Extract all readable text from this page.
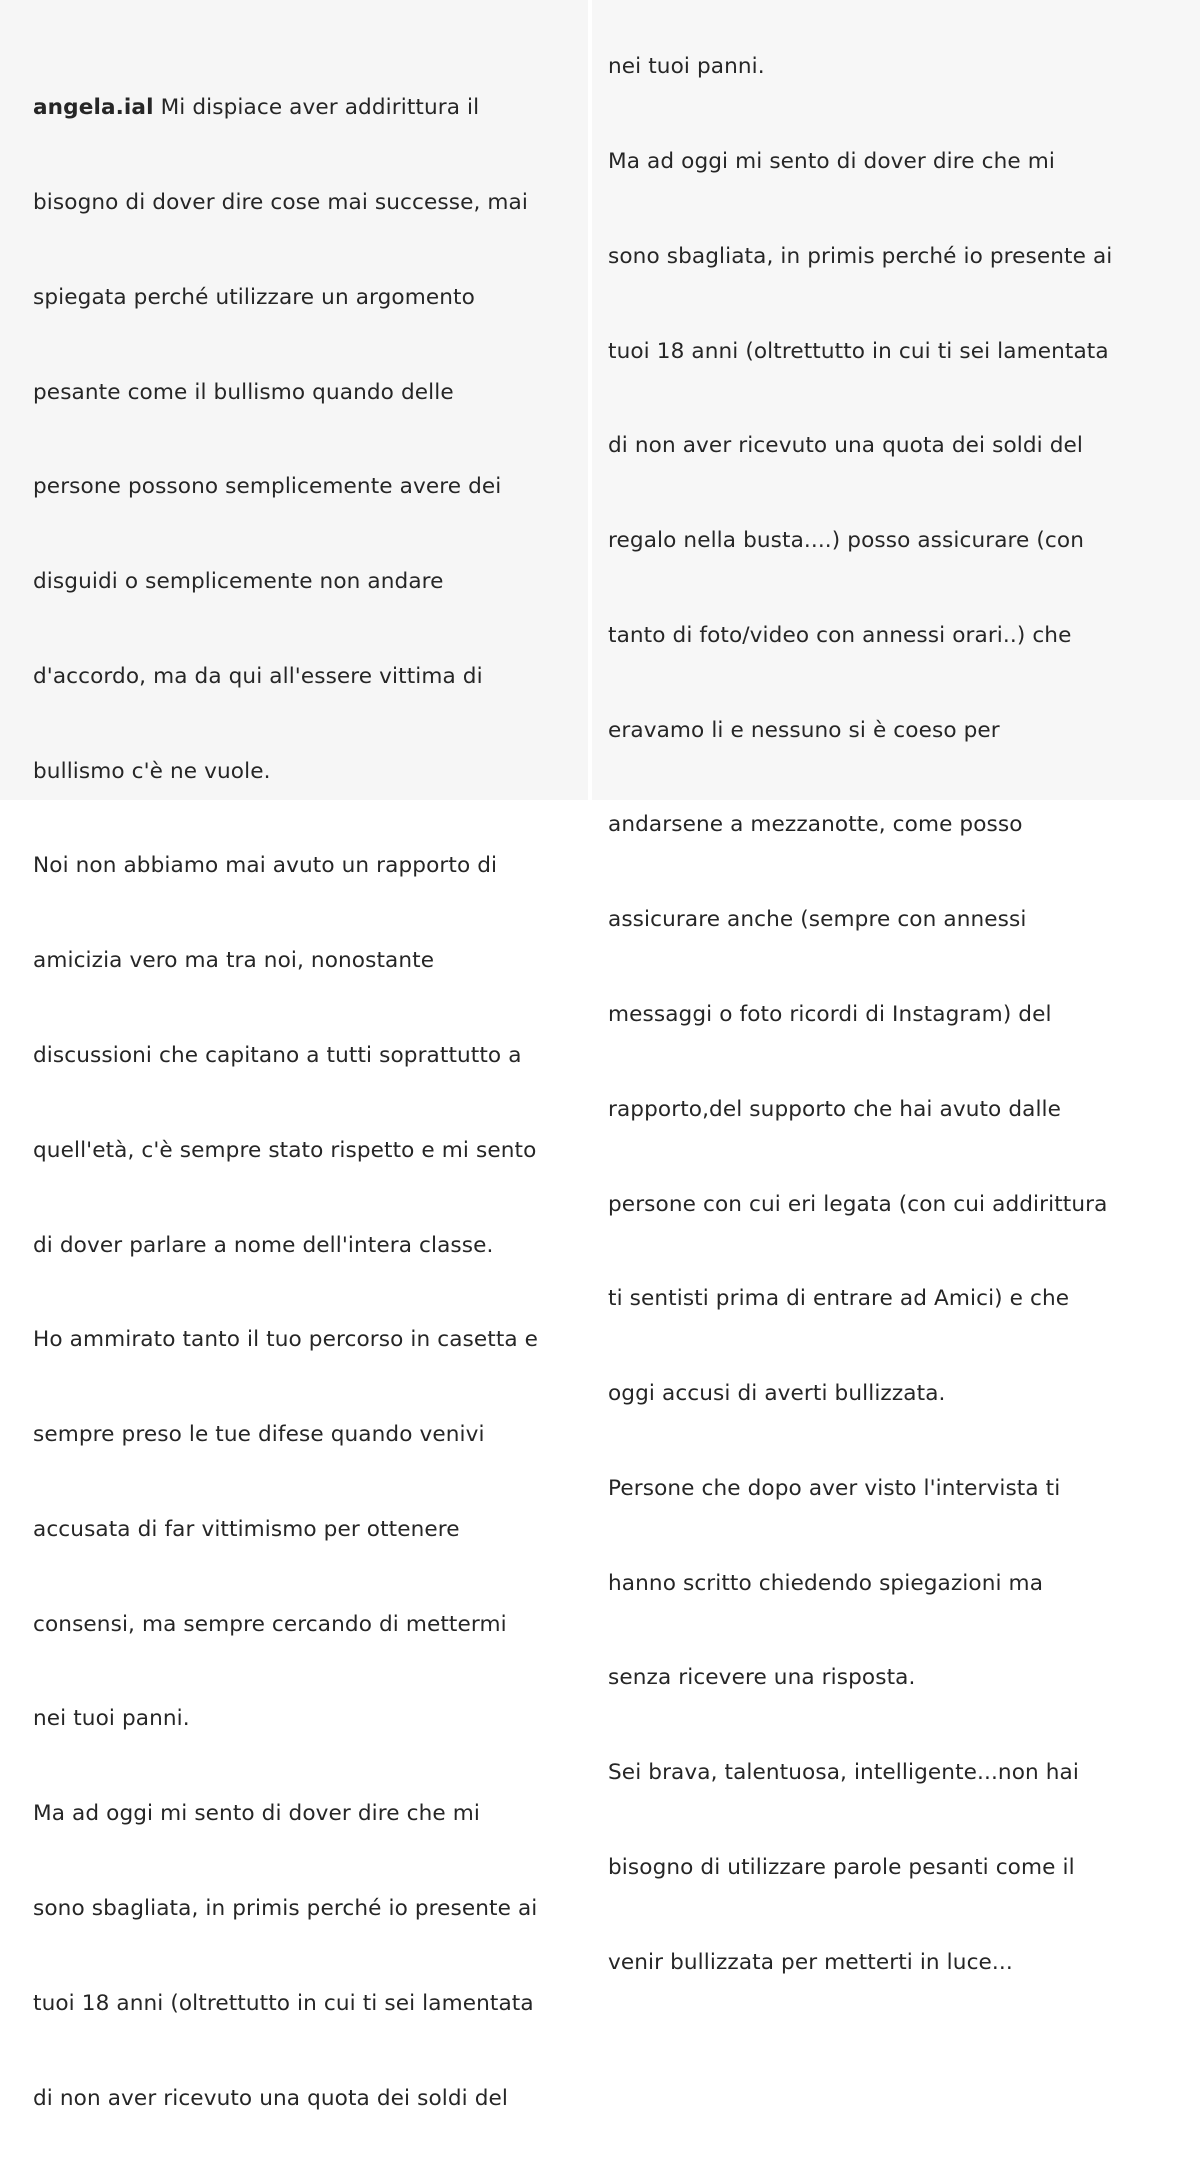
angela.ial Mi dispiace aver addirittura il

bisogno di dover dire cose mai successe, mai

spiegata perché utilizzare un argomento

pesante come il bullismo quando delle

persone possono semplicemente avere dei

disguidi o semplicemente non andare

d'accordo, ma da qui all'essere vittima di

bullismo c'è ne vuole.

Noi non abbiamo mai avuto un rapporto di

amicizia vero ma tra noi, nonostante

discussioni che capitano a tutti soprattutto a

quell'età, c'è sempre stato rispetto e mi sento

di dover parlare a nome dell'intera classe.

Ho ammirato tanto il tuo percorso in casetta e

sempre preso le tue difese quando venivi

accusata di far vittimismo per ottenere

consensi, ma sempre cercando di mettermi

nei tuoi panni.

Ma ad oggi mi sento di dover dire che mi

sono sbagliata, in primis perché io presente ai

tuoi 18 anni (oltrettutto in cui ti sei lamentata

di non aver ricevuto una quota dei soldi del

nei tuoi panni.

Ma ad oggi mi sento di dover dire che mi

sono sbagliata, in primis perché io presente ai

tuoi 18 anni (oltrettutto in cui ti sei lamentata

di non aver ricevuto una quota dei soldi del

regalo nella busta....) posso assicurare (con

tanto di foto/video con annessi orari..) che

eravamo li e nessuno si è coeso per

andarsene a mezzanotte, come posso

assicurare anche (sempre con annessi

messaggi o foto ricordi di Instagram) del

rapporto,del supporto che hai avuto dalle

persone con cui eri legata (con cui addirittura

ti sentisti prima di entrare ad Amici) e che

oggi accusi di averti bullizzata.

Persone che dopo aver visto l'intervista ti

hanno scritto chiedendo spiegazioni ma

senza ricevere una risposta.

Sei brava, talentuosa, intelligente...non hai

bisogno di utilizzare parole pesanti come il

venir bullizzata per metterti in luce...
